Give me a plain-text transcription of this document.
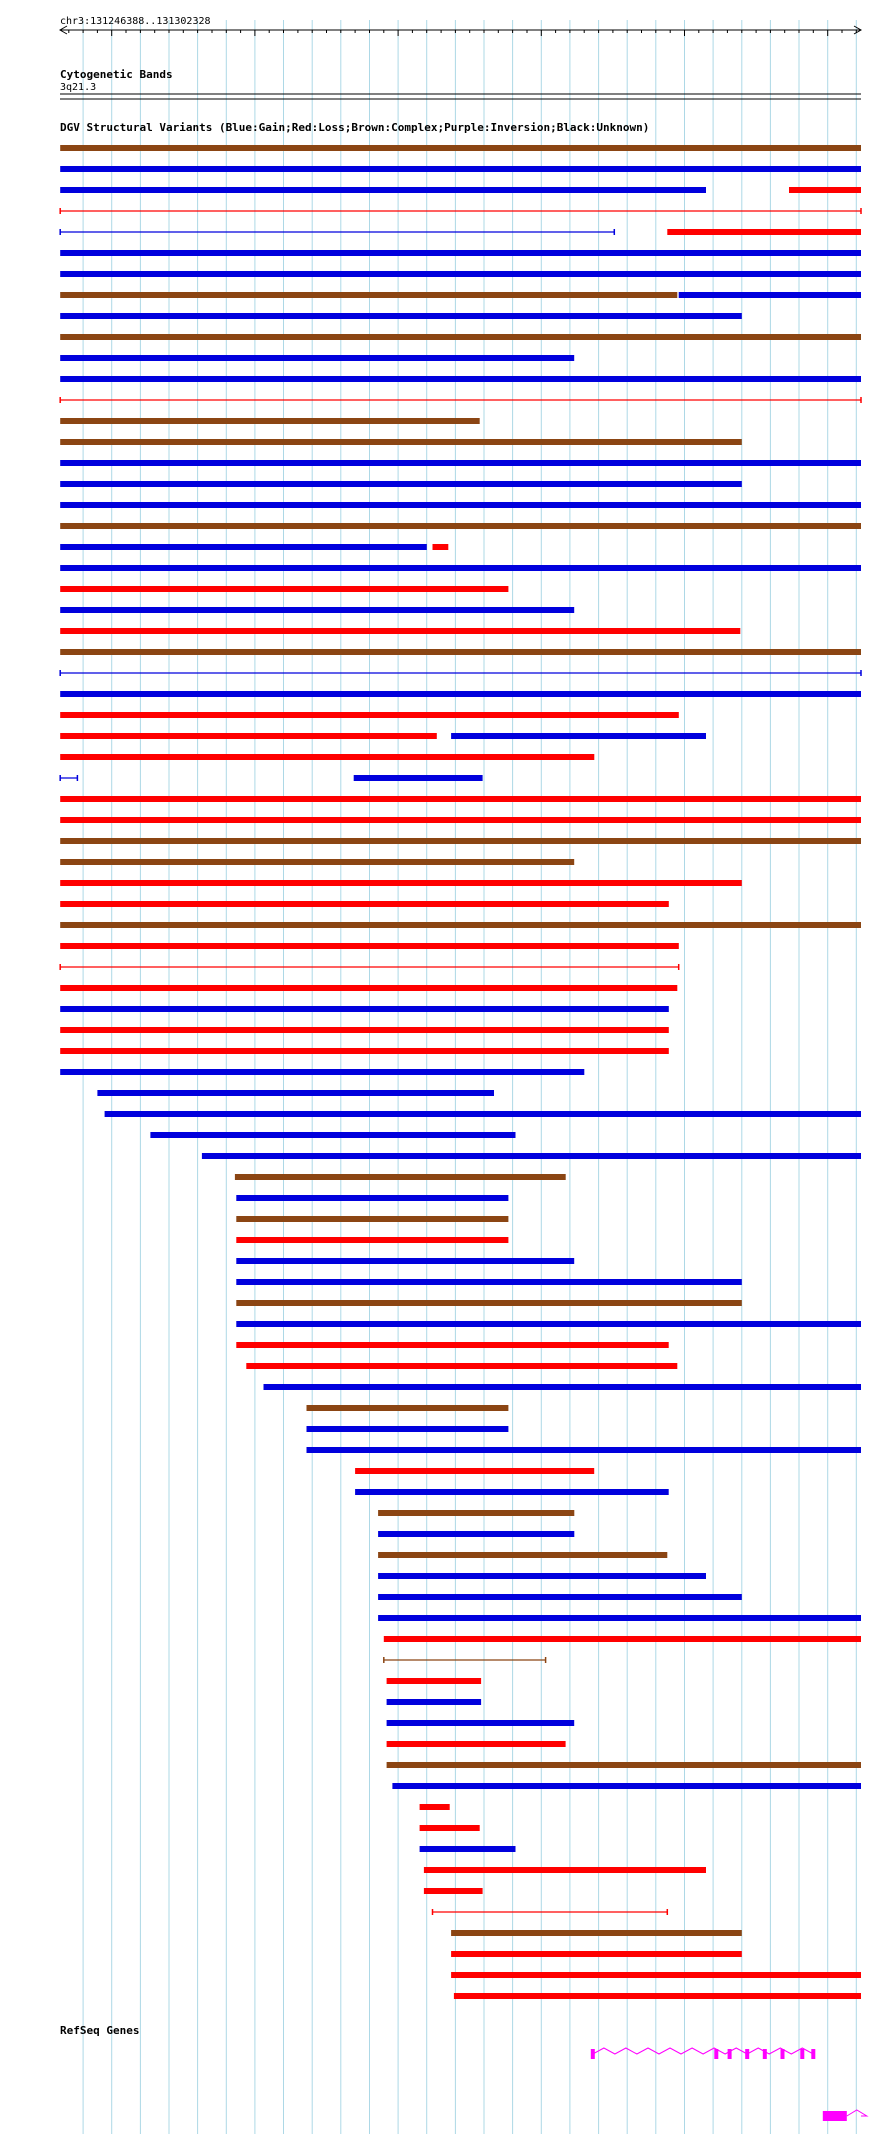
chr3:131246388..131302328
Cytogenetic Bands
3q21.3
DGV Structural Variants (Blue:Gain;Red:Loss;Brown:Complex;Purple:Inversion;Black:Unknown)
RefSeq Genes
